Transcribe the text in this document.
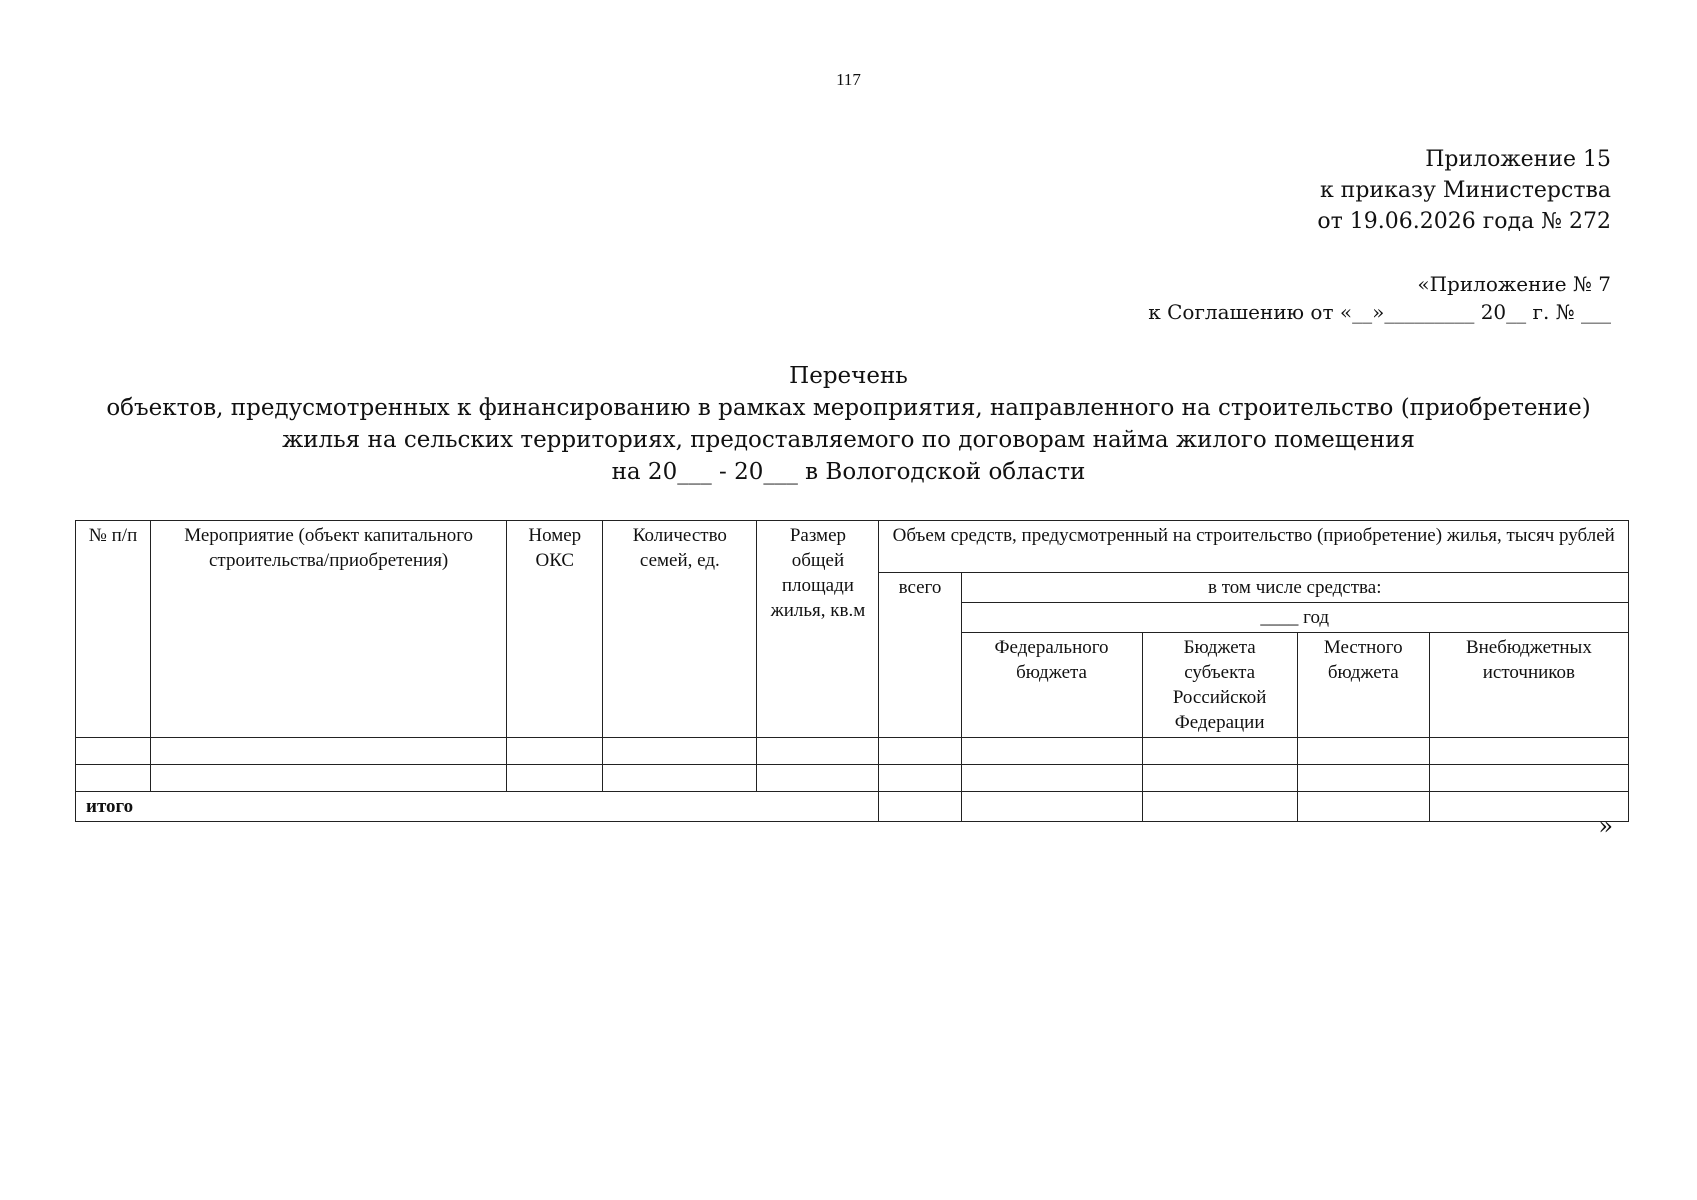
117
Приложение 15
к приказу Министерства
от 19.06.2026 года № 272
«Приложение № 7
к Соглашению от «__»_________ 20__ г. № ___
Перечень
объектов, предусмотренных к финансированию в рамках мероприятия, направленного на строительство (приобретение)
жилья на сельских территориях, предоставляемого по договорам найма жилого помещения
на 20___ - 20___ в Вологодской области
№ п/п	Мероприятие (объект капитального строительства/приобретения)	Номер ОКС	Количество семей, ед.	Размер общей площади жилья, кв.м	Объем средств, предусмотренный на строительство (приобретение) жилья, тысяч рублей				
					всего	в том числе средства:			
						____ год			
						Федерального бюджета	Бюджета субъекта Российской Федерации	Местного бюджета	Внебюджетных источников

итого									
»
